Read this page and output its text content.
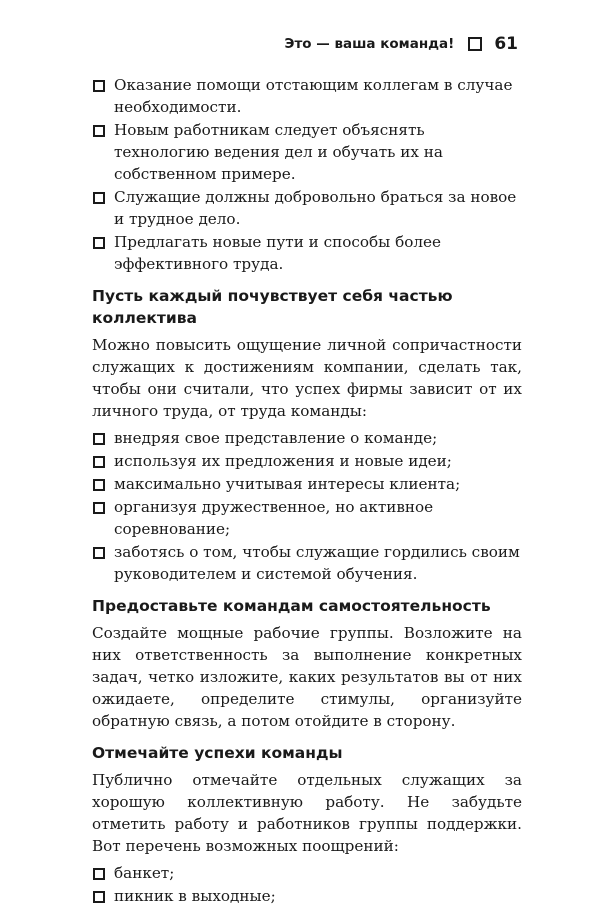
Это — ваша команда! 61
Оказание помощи отстающим коллегам в случае необходимости.
Новым работникам следует объяснять технологию ведения дел и обучать их на собственном примере.
Служащие должны добровольно браться за новое и трудное дело.
Предлагать новые пути и способы более эффективного труда.
Пусть каждый почувствует себя частью коллектива

Можно повысить ощущение личной сопричастности служащих к достижениям компании, сделать так, чтобы они считали, что успех фирмы зависит от их личного труда, от труда команды:

внедряя свое представление о команде;
используя их предложения и новые идеи;
максимально учитывая интересы клиента;
организуя дружественное, но активное соревнование;
заботясь о том, чтобы служащие гордились своим руководителем и системой обучения.
Предоставьте командам самостоятельность

Создайте мощные рабочие группы. Возложите на них ответственность за выполнение конкретных задач, четко изложите, каких результатов вы от них ожидаете, определите стимулы, организуйте обратную связь, а потом отойдите в сторону.

Отмечайте успехи команды

Публично отмечайте отдельных служащих за хорошую коллективную работу. Не забудьте отметить работу и работников группы поддержки. Вот перечень возможных поощрений:

банкет;
пикник в выходные;
